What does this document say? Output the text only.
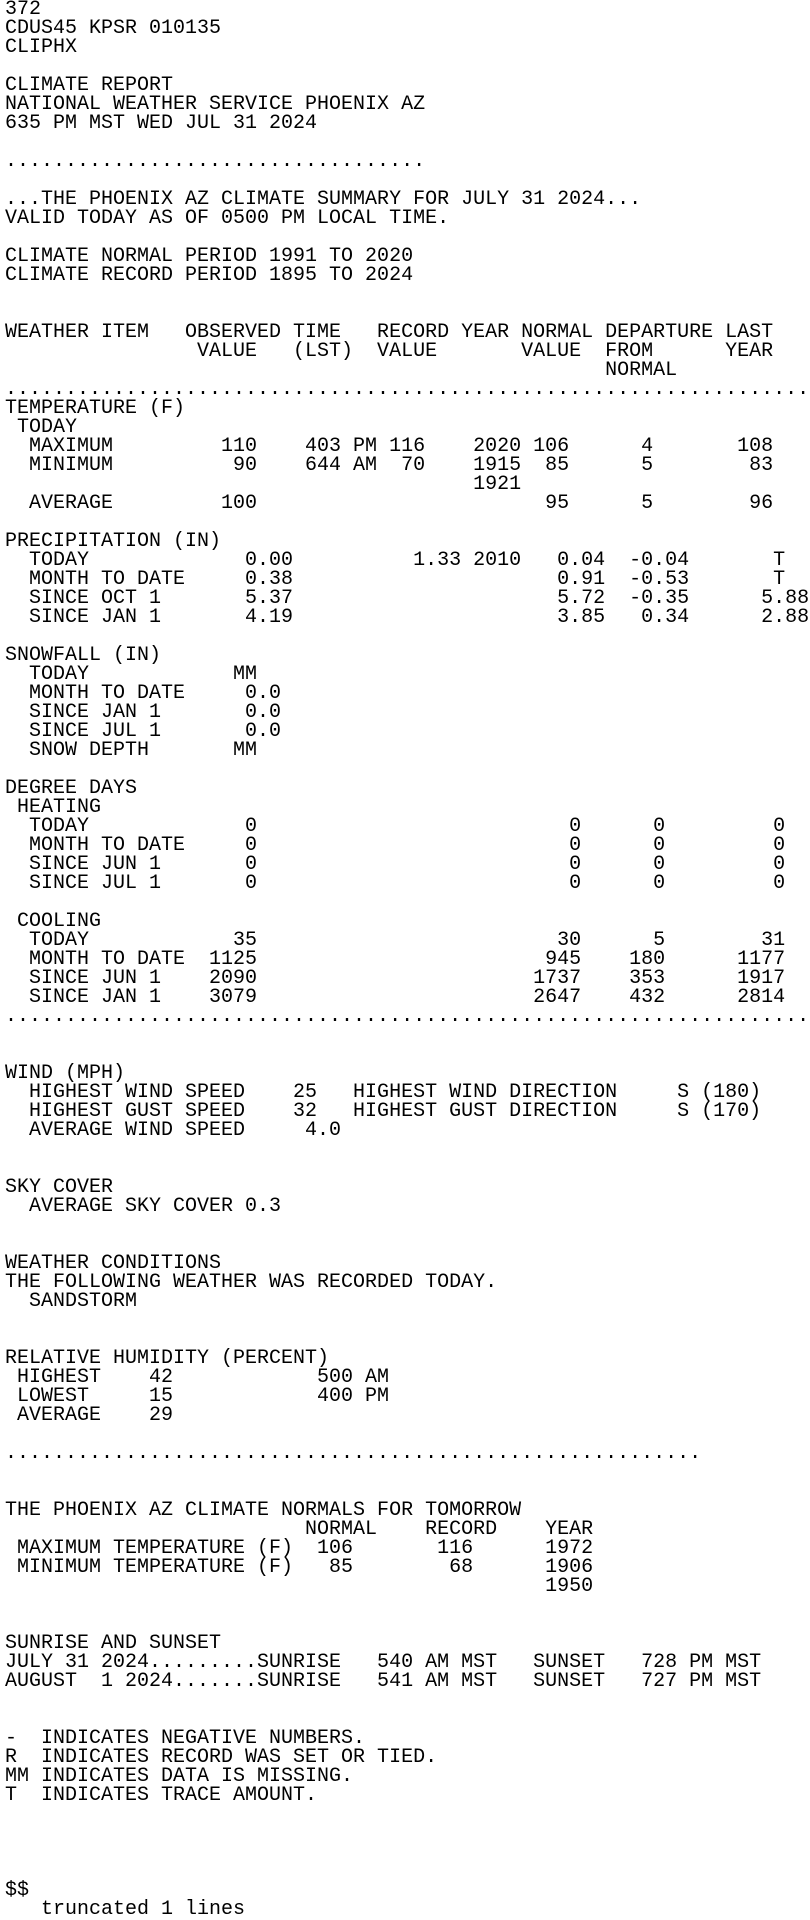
372
CDUS45 KPSR 010135
CLIPHX

CLIMATE REPORT
NATIONAL WEATHER SERVICE PHOENIX AZ
635 PM MST WED JUL 31 2024

...................................

...THE PHOENIX AZ CLIMATE SUMMARY FOR JULY 31 2024...
VALID TODAY AS OF 0500 PM LOCAL TIME.

CLIMATE NORMAL PERIOD 1991 TO 2020
CLIMATE RECORD PERIOD 1895 TO 2024

WEATHER ITEM   OBSERVED TIME   RECORD YEAR NORMAL DEPARTURE LAST
VALUE   (LST)  VALUE       VALUE  FROM      YEAR
NORMAL
...................................................................
TEMPERATURE (F)
TODAY
MAXIMUM         110    403 PM 116    2020 106      4       108
MINIMUM          90    644 AM  70    1915  85      5        83
1921
AVERAGE         100                        95      5        96

PRECIPITATION (IN)
TODAY             0.00          1.33 2010   0.04  -0.04       T
MONTH TO DATE     0.38                      0.91  -0.53       T
SINCE OCT 1       5.37                      5.72  -0.35      5.88
SINCE JAN 1       4.19                      3.85   0.34      2.88

SNOWFALL (IN)
TODAY            MM
MONTH TO DATE     0.0
SINCE JAN 1       0.0
SINCE JUL 1       0.0
SNOW DEPTH       MM

DEGREE DAYS
HEATING
TODAY             0                          0      0         0
MONTH TO DATE     0                          0      0         0
SINCE JUN 1       0                          0      0         0
SINCE JUL 1       0                          0      0         0

COOLING
TODAY            35                         30      5        31
MONTH TO DATE  1125                        945    180      1177
SINCE JUN 1    2090                       1737    353      1917
SINCE JAN 1    3079                       2647    432      2814
...................................................................

WIND (MPH)
HIGHEST WIND SPEED    25   HIGHEST WIND DIRECTION     S (180)
HIGHEST GUST SPEED    32   HIGHEST GUST DIRECTION     S (170)
AVERAGE WIND SPEED     4.0

SKY COVER
AVERAGE SKY COVER 0.3

WEATHER CONDITIONS
THE FOLLOWING WEATHER WAS RECORDED TODAY.
SANDSTORM

RELATIVE HUMIDITY (PERCENT)
HIGHEST    42            500 AM
LOWEST     15            400 PM
AVERAGE    29

..........................................................

THE PHOENIX AZ CLIMATE NORMALS FOR TOMORROW
NORMAL    RECORD    YEAR
MAXIMUM TEMPERATURE (F)  106       116      1972
MINIMUM TEMPERATURE (F)   85        68      1906
1950

SUNRISE AND SUNSET
JULY 31 2024.........SUNRISE   540 AM MST   SUNSET   728 PM MST
AUGUST  1 2024.......SUNRISE   541 AM MST   SUNSET   727 PM MST

-  INDICATES NEGATIVE NUMBERS.
R  INDICATES RECORD WAS SET OR TIED.
MM INDICATES DATA IS MISSING.
T  INDICATES TRACE AMOUNT.

$$
truncated 1 lines
